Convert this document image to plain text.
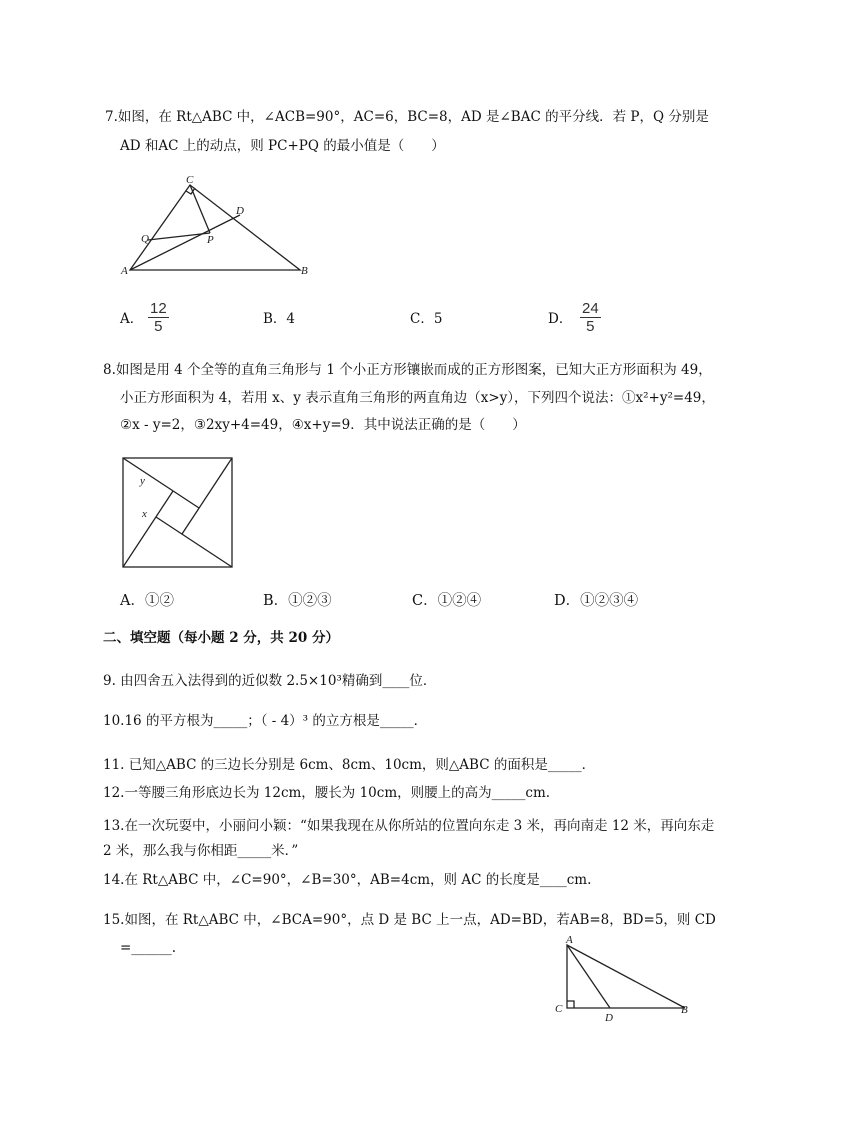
7.如图，在 Rt△ABC 中，∠ACB=90°，AC=6，BC=8，AD 是∠BAC 的平分线．若 P，Q 分别是
AD 和AC 上的动点，则 PC+PQ 的最小值是（　　）
C
D
Q	P
A	B
y
x
A
C
D
B
A． $\frac{12}{5}$	B．4	C．5	D． $\frac{24}{5}$
8.如图是用 4 个全等的直角三角形与 1 个小正方形镶嵌而成的正方形图案，已知大正方形面积为 49，
小正方形面积为 4，若用 x、y 表示直角三角形的两直角边（x>y），下列四个说法：①x²+y²=49，
②x - y=2，③2xy+4=49，④x+y=9．其中说法正确的是（　　）
A．①②	B．①②③	C．①②④	D．①②③④
二、填空题（每小题 2 分，共 20 分）
9. 由四舍五入法得到的近似数 2.5×10³精确到____位．
10.16 的平方根为_____；（ - 4）³ 的立方根是_____．
11. 已知△ABC 的三边长分别是 6cm、8cm、10cm，则△ABC 的面积是_____．
12.一等腰三角形底边长为 12cm，腰长为 10cm，则腰上的高为_____cm.
13.在一次玩耍中，小丽问小颖：“如果我现在从你所站的位置向东走 3 米，再向南走 12 米，再向东走
2 米，那么我与你相距_____米．”
14.在 Rt△ABC 中，∠C=90°，∠B=30°，AB=4cm，则 AC 的长度是____cm.
15.如图，在 Rt△ABC 中，∠BCA=90°，点 D 是 BC 上一点，AD=BD，若AB=8，BD=5，则 CD
=______.
